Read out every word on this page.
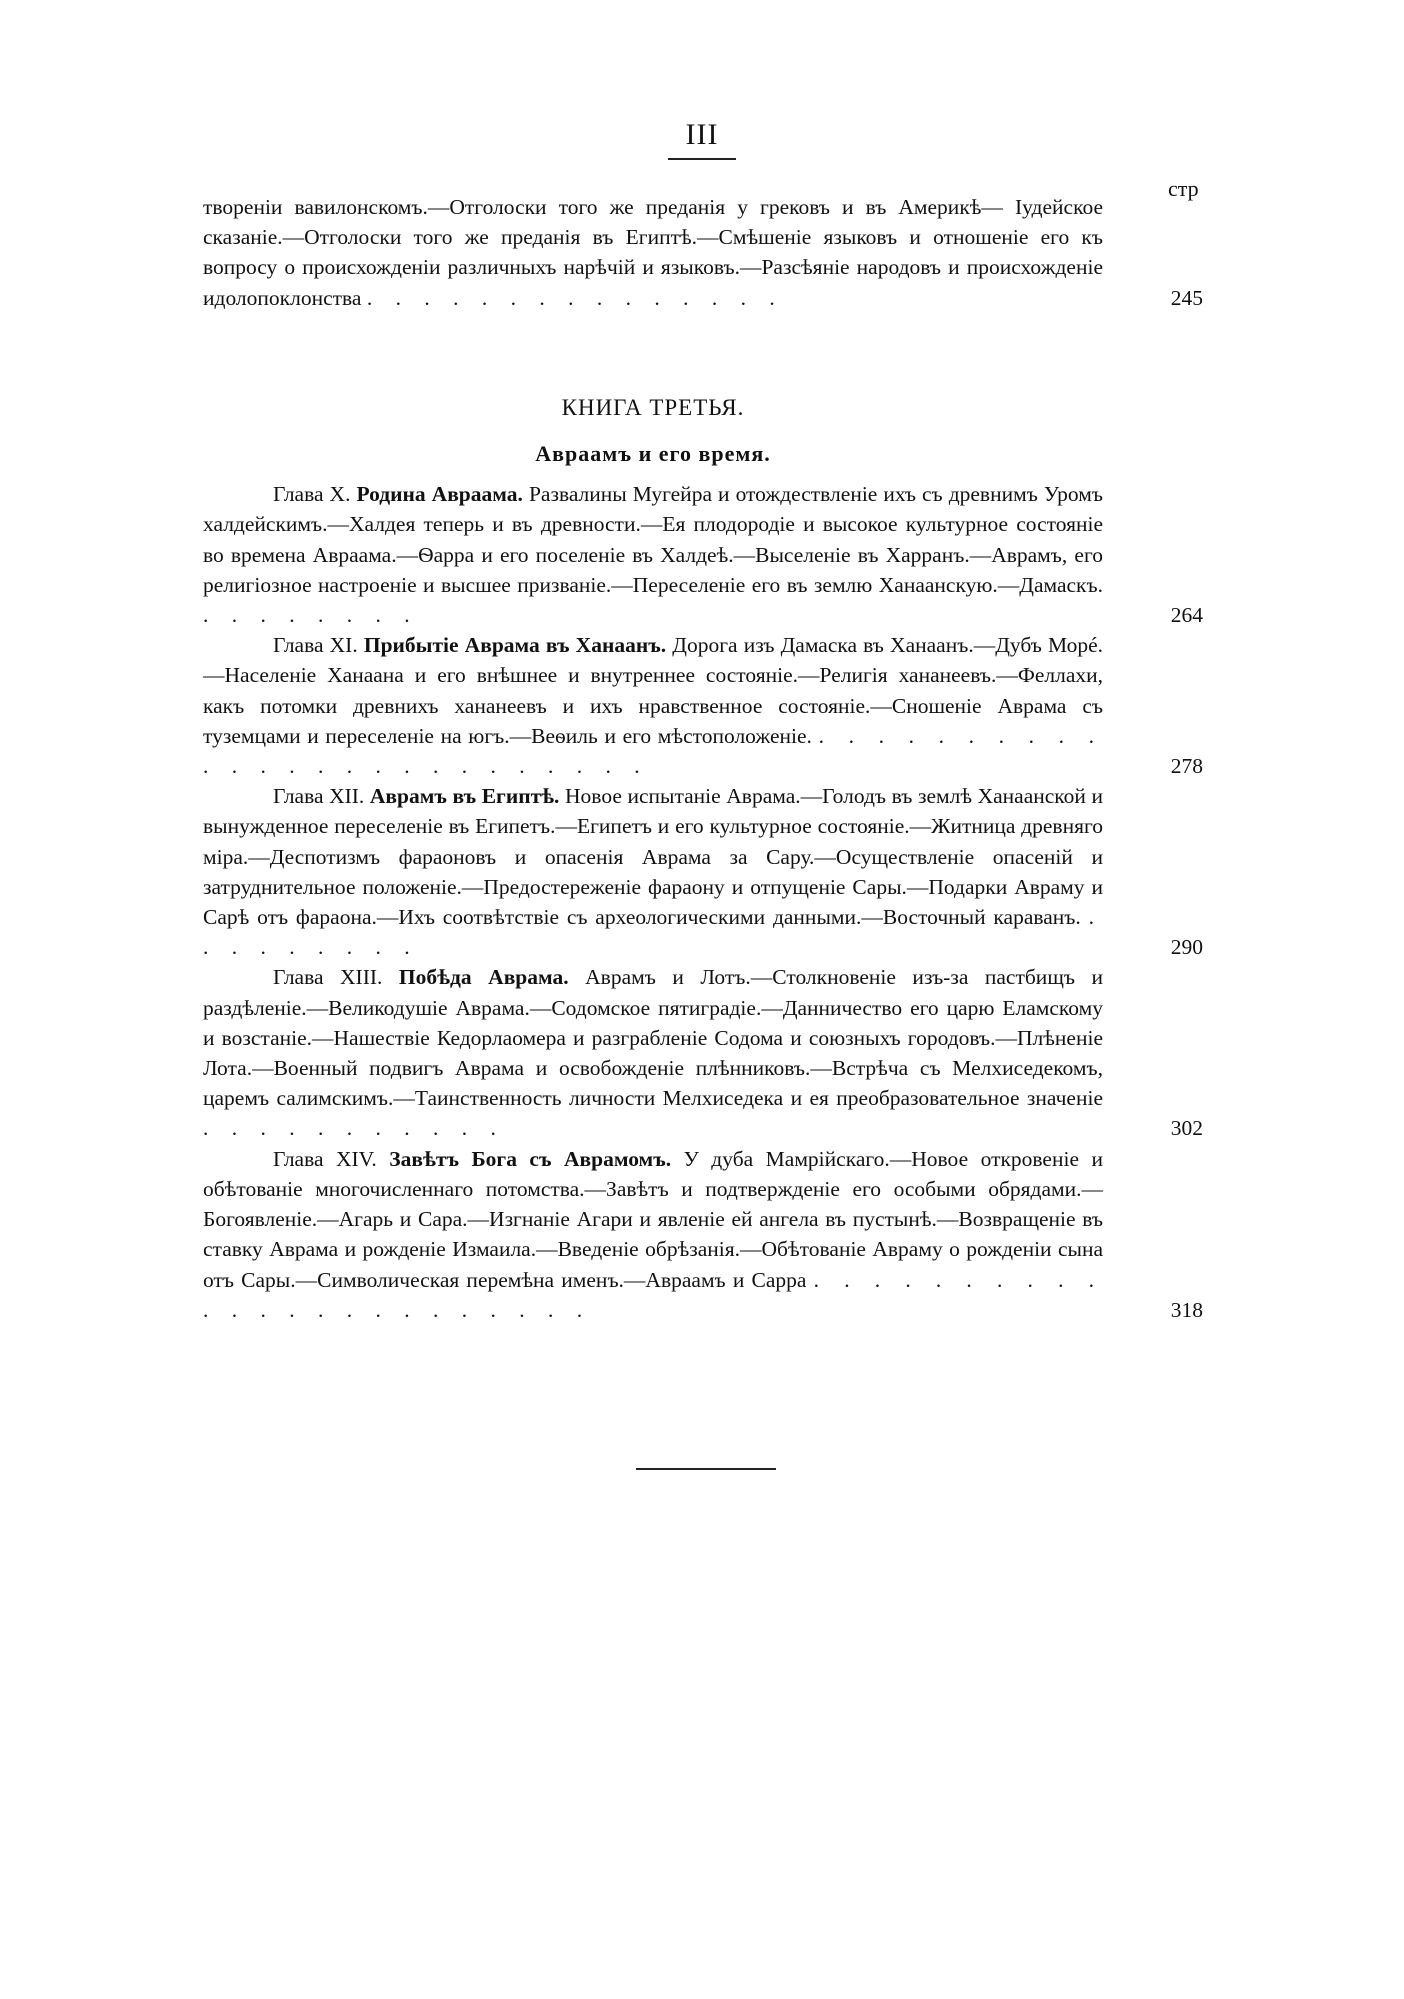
III
стр
твореніи вавилонскомъ.—Отголоски того же преданія у грековъ и въ Америкѣ— Іудейское сказаніе.—Отголоски того же преданія въ Египтѣ.—Смѣшеніе языковъ и отношеніе его къ вопросу о происхожденіи различныхъ нарѣчій и языковъ.—Разсѣяніе народовъ и происхожденіе идолопоклонства . . . . . . . . . . . . . . .	245
КНИГА ТРЕТЬЯ.
Авраамъ и его время.
Глава X. Родина Авраама. Развалины Мугейра и отождествленіе ихъ съ древнимъ Уромъ халдейскимъ.—Халдея теперь и въ древности.—Ея плодородіе и высокое культурное состояніе во времена Авраама.—Ѳарра и его поселеніе въ Халдеѣ.—Выселеніе въ Харранъ.—Аврамъ, его религіозное настроеніе и высшее призваніе.—Переселеніе его въ землю Ханаанскую.—Дамаскъ. . . . . . . . .	264
Глава XI. Прибытіе Аврама въ Ханаанъ. Дорога изъ Дамаска въ Ханаанъ.—Дубъ Морé.—Населеніе Ханаана и его внѣшнее и внутреннее состояніе.—Религія хананеевъ.—Феллахи, какъ потомки древнихъ хананеевъ и ихъ нравственное состояніе.—Сношеніе Аврама съ туземцами и переселеніе на югъ.—Веѳиль и его мѣстоположеніе. . . . . . . . . . . . . . . . . . . . . . . . . . .	278
Глава XII. Аврамъ въ Египтѣ. Новое испытаніе Аврама.—Голодъ въ землѣ Ханаанской и вынужденное переселеніе въ Египетъ.—Египетъ и его культурное состояніе.—Житница древняго міра.—Деспотизмъ фараоновъ и опасенія Аврама за Сару.—Осуществленіе опасеній и затруднительное положеніе.—Предостереженіе фараону и отпущеніе Сары.—Подарки Авраму и Сарѣ отъ фараона.—Ихъ соотвѣтствіе съ археологическими данными.—Восточный караванъ. . . . . . . . . .	290
Глава XIII. Побѣда Аврама. Аврамъ и Лотъ.—Столкновеніе изъ-за пастбищъ и раздѣленіе.—Великодушіе Аврама.—Содомское пятиградіе.—Данничество его царю Еламскому и возстаніе.—Нашествіе Кедорлаомера и разграбленіе Содома и союзныхъ городовъ.—Плѣненіе Лота.—Военный подвигъ Аврама и освобожденіе плѣнниковъ.—Встрѣча съ Мелхиседекомъ, царемъ салимскимъ.—Таинственность личности Мелхиседека и ея преобразовательное значеніе . . . . . . . . . . .	302
Глава XIV. Завѣтъ Бога съ Аврамомъ. У дуба Мамрійскаго.—Новое откровеніе и обѣтованіе многочисленнаго потомства.—Завѣтъ и подтвержденіе его особыми обрядами.—Богоявленіе.—Агарь и Сара.—Изгнаніе Агари и явленіе ей ангела въ пустынѣ.—Возвращеніе въ ставку Аврама и рожденіе Измаила.—Введеніе обрѣзанія.—Обѣтованіе Авраму о рожденіи сына отъ Сары.—Символическая перемѣна именъ.—Авраамъ и Сарра . . . . . . . . . . . . . . . . . . . . . . . .	318
